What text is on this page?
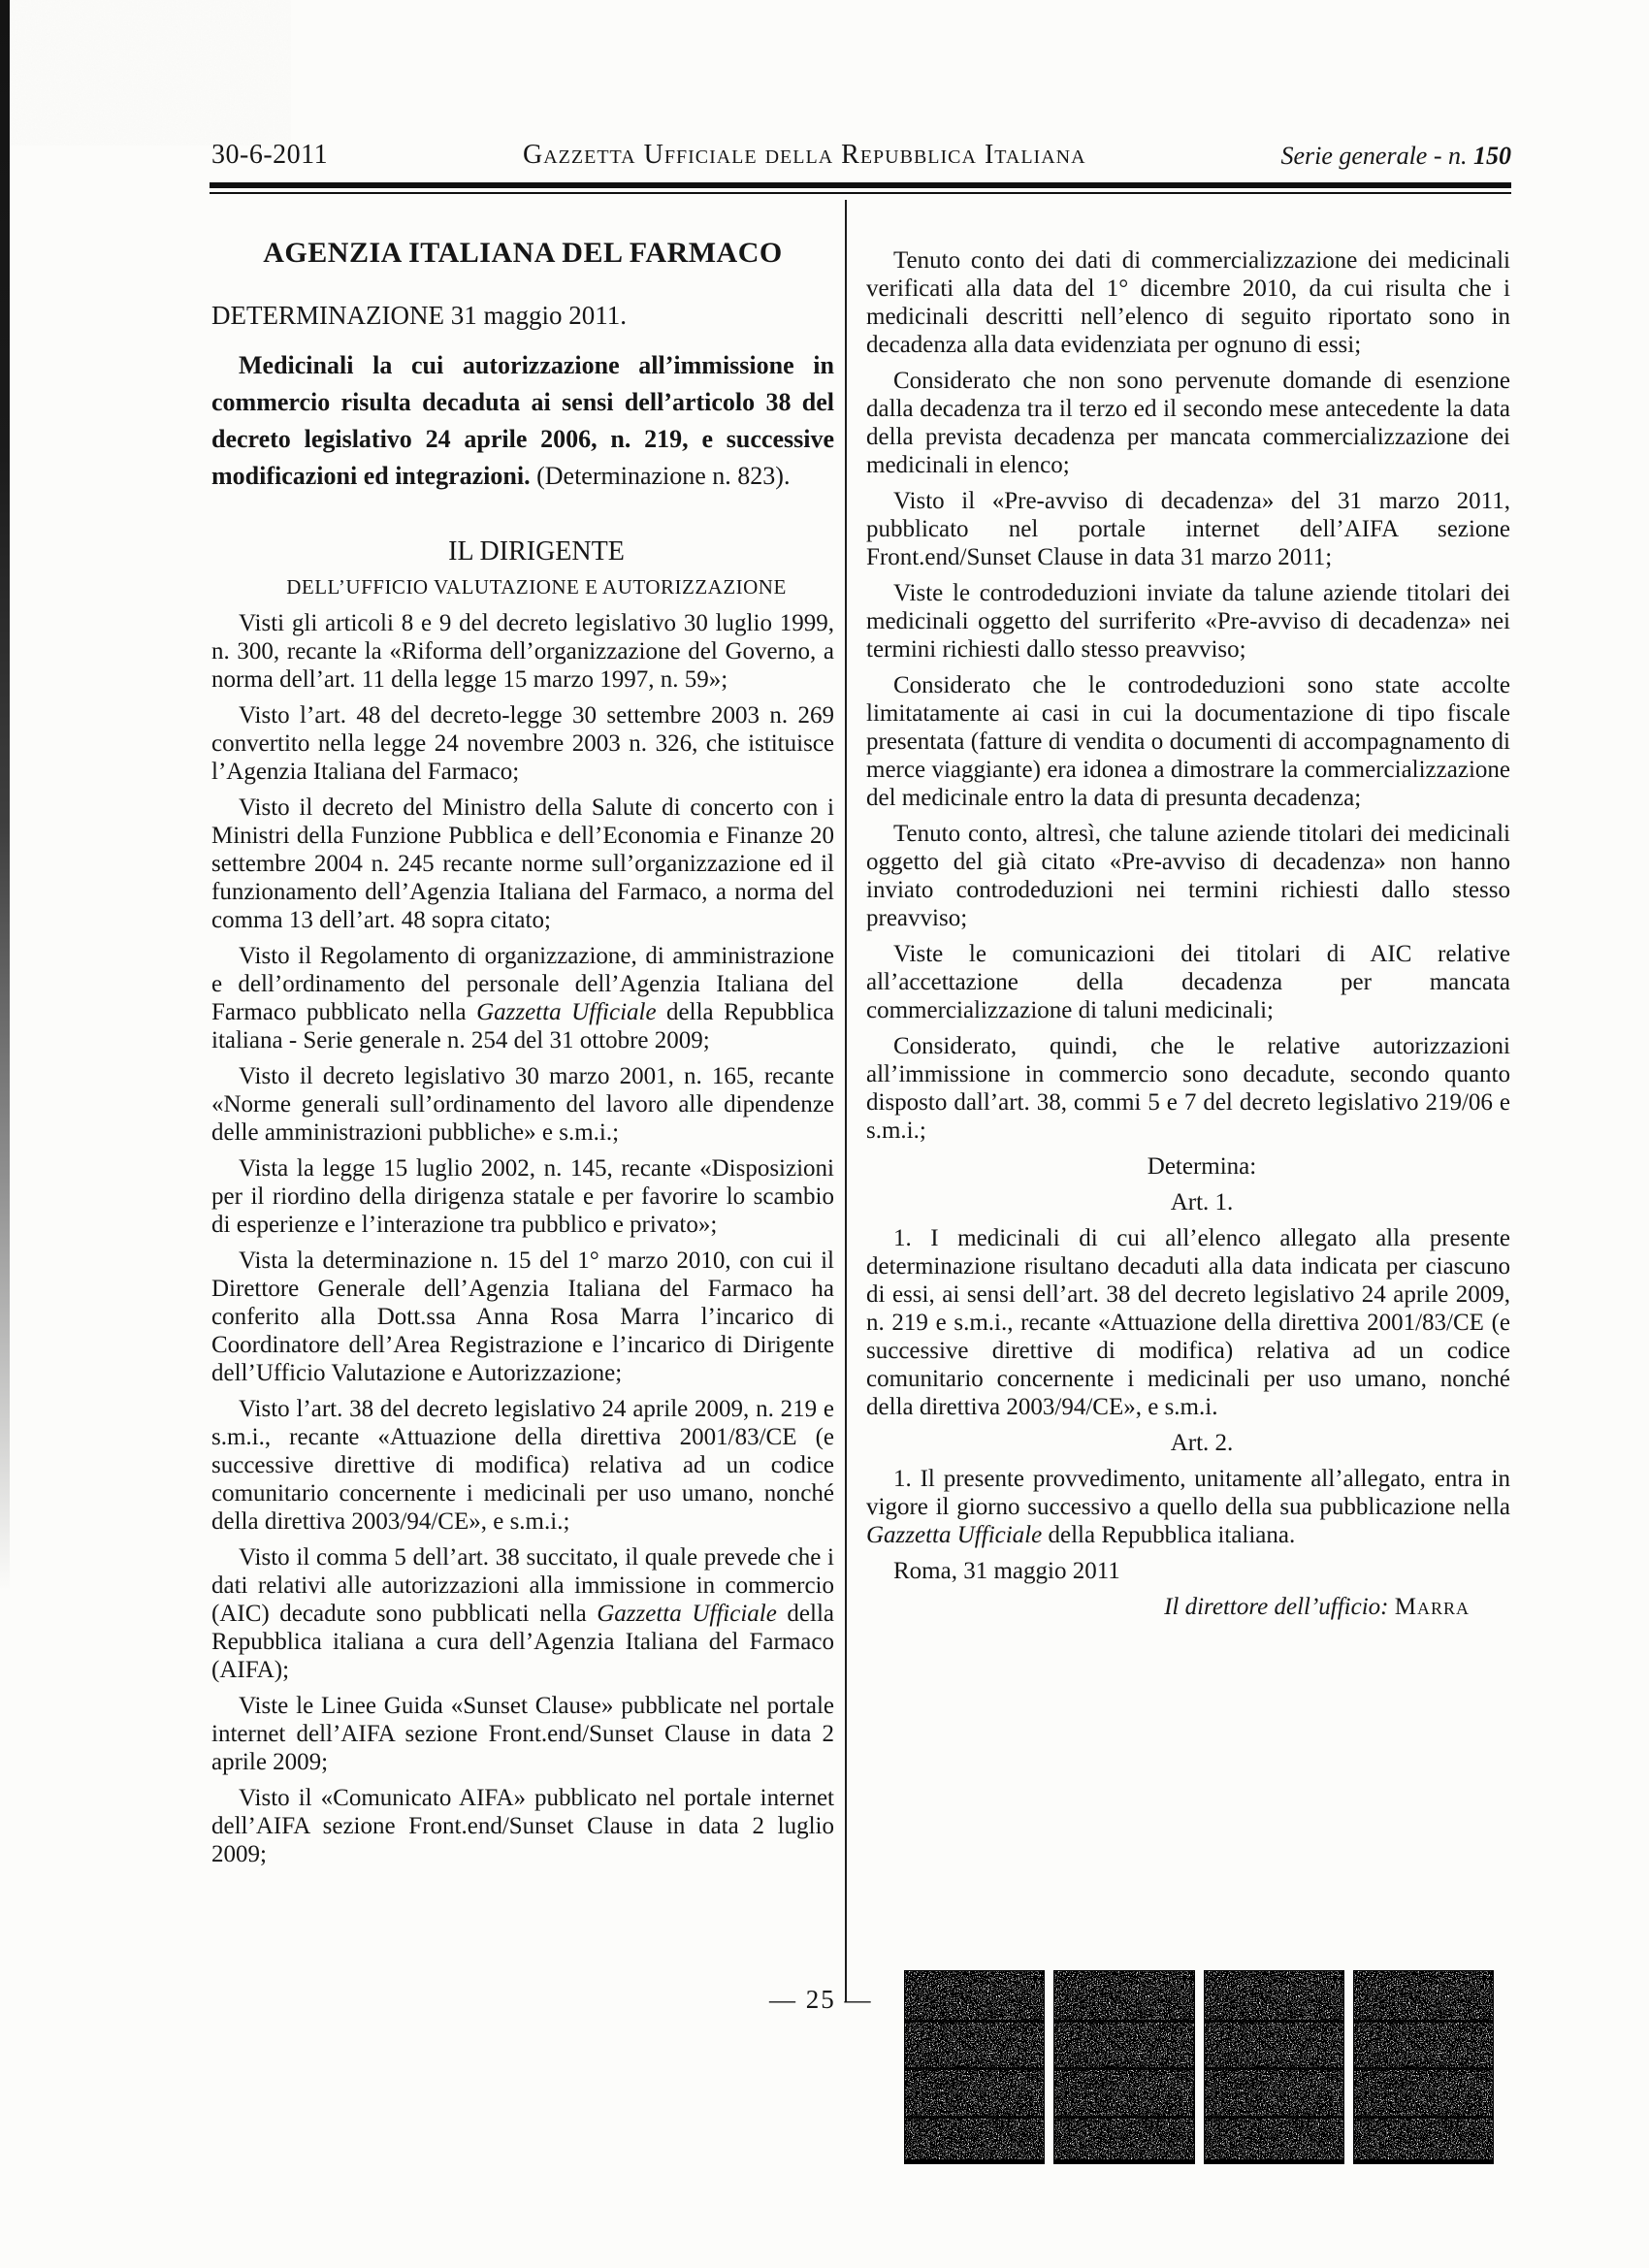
30-6-2011	Gazzetta Ufficiale della Repubblica Italiana	Serie generale - n. 150
AGENZIA ITALIANA DEL FARMACO
DETERMINAZIONE 31 maggio 2011.

Medicinali la cui autorizzazione all’immissione in commercio risulta decaduta ai sensi dell’articolo 38 del decreto legislativo 24 aprile 2006, n. 219, e successive modificazioni ed integrazioni. (Determinazione n. 823).

IL DIRIGENTE

DELL’UFFICIO VALUTAZIONE E AUTORIZZAZIONE

Visti gli articoli 8 e 9 del decreto legislativo 30 luglio 1999, n. 300, recante la «Riforma dell’organizzazione del Governo, a norma dell’art. 11 della legge 15 marzo 1997, n. 59»;

Visto l’art. 48 del decreto-legge 30 settembre 2003 n. 269 convertito nella legge 24 novembre 2003 n. 326, che istituisce l’Agenzia Italiana del Farmaco;

Visto il decreto del Ministro della Salute di concerto con i Ministri della Funzione Pubblica e dell’Economia e Finanze 20 settembre 2004 n. 245 recante norme sull’organizzazione ed il funzionamento dell’Agenzia Italiana del Farmaco, a norma del comma 13 dell’art. 48 sopra citato;

Visto il Regolamento di organizzazione, di amministrazione e dell’ordinamento del personale dell’Agenzia Italiana del Farmaco pubblicato nella Gazzetta Ufficiale della Repubblica italiana - Serie generale n. 254 del 31 ottobre 2009;

Visto il decreto legislativo 30 marzo 2001, n. 165, recante «Norme generali sull’ordinamento del lavoro alle dipendenze delle amministrazioni pubbliche» e s.m.i.;

Vista la legge 15 luglio 2002, n. 145, recante «Disposizioni per il riordino della dirigenza statale e per favorire lo scambio di esperienze e l’interazione tra pubblico e privato»;

Vista la determinazione n. 15 del 1° marzo 2010, con cui il Direttore Generale dell’Agenzia Italiana del Farmaco ha conferito alla Dott.ssa Anna Rosa Marra l’incarico di Coordinatore dell’Area Registrazione e l’incarico di Dirigente dell’Ufficio Valutazione e Autorizzazione;

Visto l’art. 38 del decreto legislativo 24 aprile 2009, n. 219 e s.m.i., recante «Attuazione della direttiva 2001/83/CE (e successive direttive di modifica) relativa ad un codice comunitario concernente i medicinali per uso umano, nonché della direttiva 2003/94/CE», e s.m.i.;

Visto il comma 5 dell’art. 38 succitato, il quale prevede che i dati relativi alle autorizzazioni alla immissione in commercio (AIC) decadute sono pubblicati nella Gazzetta Ufficiale della Repubblica italiana a cura dell’Agenzia Italiana del Farmaco (AIFA);

Viste le Linee Guida «Sunset Clause» pubblicate nel portale internet dell’AIFA sezione Front.end/Sunset Clause in data 2 aprile 2009;

Visto il «Comunicato AIFA» pubblicato nel portale internet dell’AIFA sezione Front.end/Sunset Clause in data 2 luglio 2009;

Tenuto conto dei dati di commercializzazione dei medicinali verificati alla data del 1° dicembre 2010, da cui risulta che i medicinali descritti nell’elenco di seguito riportato sono in decadenza alla data evidenziata per ognuno di essi;

Considerato che non sono pervenute domande di esenzione dalla decadenza tra il terzo ed il secondo mese antecedente la data della prevista decadenza per mancata commercializzazione dei medicinali in elenco;

Visto il «Pre-avviso di decadenza» del 31 marzo 2011, pubblicato nel portale internet dell’AIFA sezione Front.end/Sunset Clause in data 31 marzo 2011;

Viste le controdeduzioni inviate da talune aziende titolari dei medicinali oggetto del surriferito «Pre-avviso di decadenza» nei termini richiesti dallo stesso preavviso;

Considerato che le controdeduzioni sono state accolte limitatamente ai casi in cui la documentazione di tipo fiscale presentata (fatture di vendita o documenti di accompagnamento di merce viaggiante) era idonea a dimostrare la commercializzazione del medicinale entro la data di presunta decadenza;

Tenuto conto, altresì, che talune aziende titolari dei medicinali oggetto del già citato «Pre-avviso di decadenza» non hanno inviato controdeduzioni nei termini richiesti dallo stesso preavviso;

Viste le comunicazioni dei titolari di AIC relative all’accettazione della decadenza per mancata commercializzazione di taluni medicinali;

Considerato, quindi, che le relative autorizzazioni all’immissione in commercio sono decadute, secondo quanto disposto dall’art. 38, commi 5 e 7 del decreto legislativo 219/06 e s.m.i.;

Determina:

Art. 1.

1. I medicinali di cui all’elenco allegato alla presente determinazione risultano decaduti alla data indicata per ciascuno di essi, ai sensi dell’art. 38 del decreto legislativo 24 aprile 2009, n. 219 e s.m.i., recante «Attuazione della direttiva 2001/83/CE (e successive direttive di modifica) relativa ad un codice comunitario concernente i medicinali per uso umano, nonché della direttiva 2003/94/CE», e s.m.i.

Art. 2.

1. Il presente provvedimento, unitamente all’allegato, entra in vigore il giorno successivo a quello della sua pubblicazione nella Gazzetta Ufficiale della Repubblica italiana.

Roma, 31 maggio 2011

Il direttore dell’ufficio: Marra

— 25 —
